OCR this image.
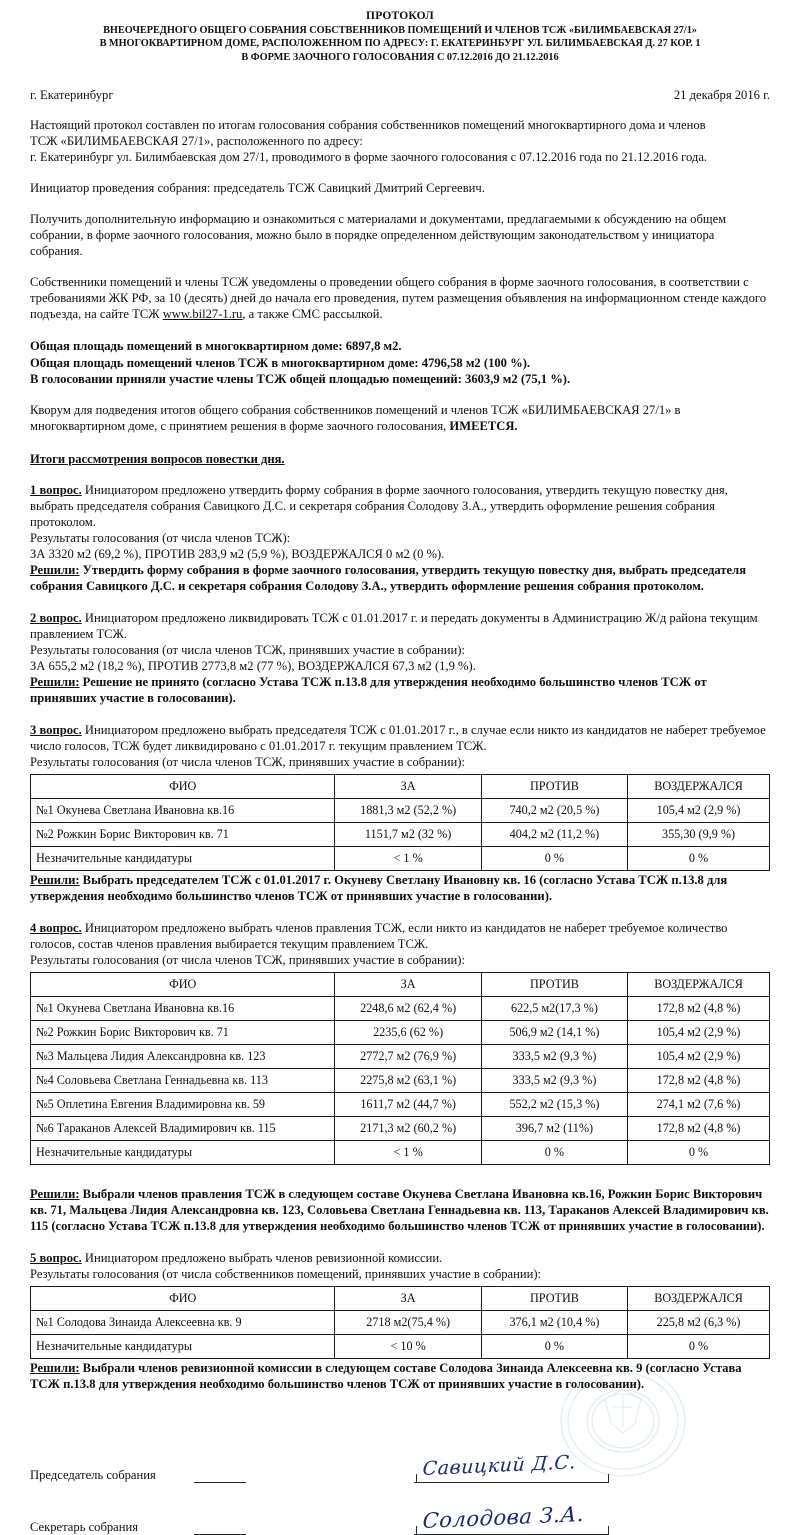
ПРОТОКОЛ
ВНЕОЧЕРЕДНОГО ОБЩЕГО СОБРАНИЯ СОБСТВЕННИКОВ ПОМЕЩЕНИЙ И ЧЛЕНОВ ТСЖ «БИЛИМБАЕВСКАЯ 27/1»
В МНОГОКВАРТИРНОМ ДОМЕ, РАСПОЛОЖЕННОМ ПО АДРЕСУ: Г. ЕКАТЕРИНБУРГ УЛ. БИЛИМБАЕВСКАЯ Д. 27 КОР. 1
В ФОРМЕ ЗАОЧНОГО ГОЛОСОВАНИЯ С 07.12.2016 ДО 21.12.2016
г. Екатеринбург	21 декабря 2016 г.

Настоящий протокол составлен по итогам голосования собрания собственников помещений многоквартирного дома и членов
ТСЖ «БИЛИМБАЕВСКАЯ 27/1», расположенного по адресу:
г. Екатеринбург ул. Билимбаевская дом 27/1, проводимого в форме заочного голосования с 07.12.2016 года по 21.12.2016 года.

Инициатор проведения собрания: председатель ТСЖ Савицкий Дмитрий Сергеевич.

Получить дополнительную информацию и ознакомиться с материалами и документами, предлагаемыми к обсуждению на общем собрании, в форме заочного голосования, можно было в порядке определенном действующим законодательством у инициатора собрания.

Собственники помещений и члены ТСЖ уведомлены о проведении общего собрания в форме заочного голосования, в соответствии с требованиями ЖК РФ, за 10 (десять) дней до начала его проведения, путем размещения объявления на информационном стенде каждого подъезда, на сайте ТСЖ www.bil27-1.ru, а также СМС рассылкой.

Общая площадь помещений в многоквартирном доме: 6897,8 м2.
Общая площадь помещений членов ТСЖ в многоквартирном доме: 4796,58 м2 (100 %).
В голосовании приняли участие члены ТСЖ общей площадью помещений: 3603,9 м2 (75,1 %).

Кворум для подведения итогов общего собрания собственников помещений и членов ТСЖ «БИЛИМБАЕВСКАЯ 27/1» в многоквартирном доме, с принятием решения в форме заочного голосования, ИМЕЕТСЯ.

Итоги рассмотрения вопросов повестки дня.

1 вопрос. Инициатором предложено утвердить форму собрания в форме заочного голосования, утвердить текущую повестку дня, выбрать председателя собрания Савицкого Д.С. и секретаря собрания Солодову З.А., утвердить оформление решения собрания протоколом.

Результаты голосования (от числа членов ТСЖ):

ЗА 3320 м2 (69,2 %), ПРОТИВ 283,9 м2 (5,9 %), ВОЗДЕРЖАЛСЯ 0 м2 (0 %).

Решили: Утвердить форму собрания в форме заочного голосования, утвердить текущую повестку дня, выбрать председателя собрания Савицкого Д.С. и секретаря собрания Солодову З.А., утвердить оформление решения собрания протоколом.

2 вопрос. Инициатором предложено ликвидировать ТСЖ с 01.01.2017 г. и передать документы в Администрацию Ж/д района текущим правлением ТСЖ.

Результаты голосования (от числа членов ТСЖ, принявших участие в собрании):

ЗА 655,2 м2 (18,2 %), ПРОТИВ 2773,8 м2 (77 %), ВОЗДЕРЖАЛСЯ 67,3 м2 (1,9 %).

Решили: Решение не принято (согласно Устава ТСЖ п.13.8 для утверждения необходимо большинство членов ТСЖ от принявших участие в голосовании).

3 вопрос. Инициатором предложено выбрать председателя ТСЖ с 01.01.2017 г., в случае если никто из кандидатов не наберет требуемое число голосов, ТСЖ будет ликвидировано с 01.01.2017 г. текущим правлением ТСЖ.

Результаты голосования (от числа членов ТСЖ, принявших участие в собрании):

ФИО	ЗА	ПРОТИВ	ВОЗДЕРЖАЛСЯ
№1 Окунева Светлана Ивановна кв.16	1881,3 м2 (52,2 %)	740,2 м2 (20,5 %)	105,4 м2 (2,9 %)
№2 Рожкин Борис Викторович кв. 71	1151,7 м2 (32 %)	404,2 м2 (11,2 %)	355,30 (9,9 %)
Незначительные кандидатуры	< 1 %	0 %	0 %

Решили: Выбрать председателем ТСЖ с 01.01.2017 г. Окуневу Светлану Ивановну кв. 16 (согласно Устава ТСЖ п.13.8 для утверждения необходимо большинство членов ТСЖ от принявших участие в голосовании).

4 вопрос. Инициатором предложено выбрать членов правления ТСЖ, если никто из кандидатов не наберет требуемое количество голосов, состав членов правления выбирается текущим правлением ТСЖ.

Результаты голосования (от числа членов ТСЖ, принявших участие в собрании):

ФИО	ЗА	ПРОТИВ	ВОЗДЕРЖАЛСЯ
№1 Окунева Светлана Ивановна кв.16	2248,6 м2 (62,4 %)	622,5 м2(17,3 %)	172,8 м2 (4,8 %)
№2 Рожкин Борис Викторович кв. 71	2235,6 (62 %)	506,9 м2 (14,1 %)	105,4 м2 (2,9 %)
№3 Мальцева Лидия Александровна кв. 123	2772,7 м2 (76,9 %)	333,5 м2 (9,3 %)	105,4 м2 (2,9 %)
№4 Соловьева Светлана Геннадьевна кв. 113	2275,8 м2 (63,1 %)	333,5 м2 (9,3 %)	172,8 м2 (4,8 %)
№5 Оплетина Евгения Владимировна кв. 59	1611,7 м2 (44,7 %)	552,2 м2 (15,3 %)	274,1 м2 (7,6 %)
№6 Тараканов Алексей Владимирович кв. 115	2171,3 м2 (60,2 %)	396,7 м2 (11%)	172,8 м2 (4,8 %)
Незначительные кандидатуры	< 1 %	0 %	0 %

Решили: Выбрали членов правления ТСЖ в следующем составе Окунева Светлана Ивановна кв.16, Рожкин Борис Викторович кв. 71, Мальцева Лидия Александровна кв. 123, Соловьева Светлана Геннадьевна кв. 113, Тараканов Алексей Владимирович кв. 115 (согласно Устава ТСЖ п.13.8 для утверждения необходимо большинство членов ТСЖ от принявших участие в голосовании).

5 вопрос. Инициатором предложено выбрать членов ревизионной комиссии.

Результаты голосования (от числа собственников помещений, принявших участие в собрании):

ФИО	ЗА	ПРОТИВ	ВОЗДЕРЖАЛСЯ
№1 Солодова Зинаида Алексеевна кв. 9	2718 м2(75,4 %)	376,1 м2 (10,4 %)	225,8 м2 (6,3 %)
Незначительные кандидатуры	< 10 %	0 %	0 %

Решили: Выбрали членов ревизионной комиссии в следующем составе Солодова Зинаида Алексеевна кв. 9 (согласно Устава ТСЖ п.13.8 для утверждения необходимо большинство членов ТСЖ от принявших участие в голосовании).

Председатель собрания	Савицкий Д.С.
Секретарь собрания	Солодова З.А.
